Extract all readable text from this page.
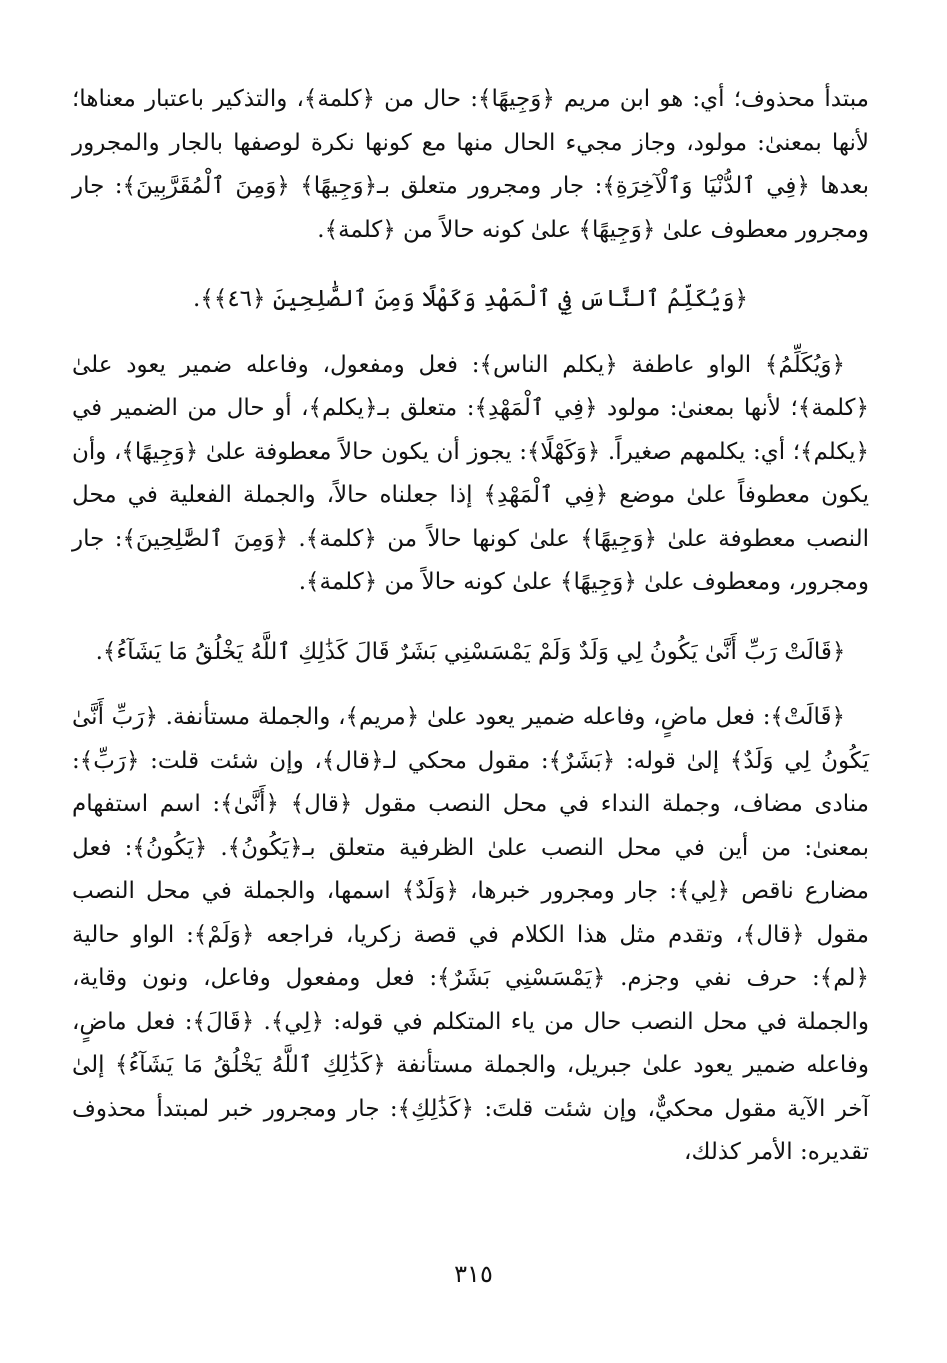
مبتدأ محذوف؛ أي: هو ابن مريم ﴿وَجِيهًا﴾: حال من ﴿كلمة﴾، والتذكير باعتبار معناها؛ لأنها بمعنىٰ: مولود، وجاز مجيء الحال منها مع كونها نكرة لوصفها بالجار والمجرور بعدها ﴿فِي ٱلدُّنْيَا وَٱلْآخِرَةِ﴾: جار ومجرور متعلق بـ﴿وَجِيهًا﴾ ﴿وَمِنَ ٱلْمُقَرَّبِينَ﴾: جار ومجرور معطوف علىٰ ﴿وَجِيهًا﴾ علىٰ كونه حالاً من ﴿كلمة﴾.

﴿وَيُكَلِّمُ ٱلنَّاسَ فِي ٱلْمَهْدِ وَكَهْلًا وَمِنَ ٱلصَّٰلِحِينَ ﴿٤٦﴾﴾.

﴿وَيُكَلِّمُ﴾ الواو عاطفة ﴿يكلم الناس﴾: فعل ومفعول، وفاعله ضمير يعود علىٰ ﴿كلمة﴾؛ لأنها بمعنىٰ: مولود ﴿فِي ٱلْمَهْدِ﴾: متعلق بـ﴿يكلم﴾، أو حال من الضمير في ﴿يكلم﴾؛ أي: يكلمهم صغيراً. ﴿وَكَهْلًا﴾: يجوز أن يكون حالاً معطوفة علىٰ ﴿وَجِيهًا﴾، وأن يكون معطوفاً علىٰ موضع ﴿فِي ٱلْمَهْدِ﴾ إذا جعلناه حالاً، والجملة الفعلية في محل النصب معطوفة علىٰ ﴿وَجِيهًا﴾ علىٰ كونها حالاً من ﴿كلمة﴾. ﴿وَمِنَ ٱلصَّٰلِحِينَ﴾: جار ومجرور، ومعطوف علىٰ ﴿وَجِيهًا﴾ علىٰ كونه حالاً من ﴿كلمة﴾.

﴿قَالَتْ رَبِّ أَنَّىٰ يَكُونُ لِي وَلَدٌ وَلَمْ يَمْسَسْنِي بَشَرٌ قَالَ كَذَٰلِكِ ٱللَّهُ يَخْلُقُ مَا يَشَآءُ﴾.

﴿قَالَتْ﴾: فعل ماضٍ، وفاعله ضمير يعود علىٰ ﴿مريم﴾، والجملة مستأنفة. ﴿رَبِّ أَنَّىٰ يَكُونُ لِي وَلَدٌ﴾ إلىٰ قوله: ﴿بَشَرٌ﴾: مقول محكي لـ﴿قال﴾، وإن شئت قلت: ﴿رَبِّ﴾: منادى مضاف، وجملة النداء في محل النصب مقول ﴿قال﴾ ﴿أَنَّىٰ﴾: اسم استفهام بمعنىٰ: من أين في محل النصب علىٰ الظرفية متعلق بـ﴿يَكُونُ﴾. ﴿يَكُونُ﴾: فعل مضارع ناقص ﴿لِي﴾: جار ومجرور خبرها، ﴿وَلَدٌ﴾ اسمها، والجملة في محل النصب مقول ﴿قال﴾، وتقدم مثل هذا الكلام في قصة زكريا، فراجعه ﴿وَلَمْ﴾: الواو حالية ﴿لم﴾: حرف نفي وجزم. ﴿يَمْسَسْنِي بَشَرٌ﴾: فعل ومفعول وفاعل، ونون وقاية، والجملة في محل النصب حال من ياء المتكلم في قوله: ﴿لِي﴾. ﴿قَالَ﴾: فعل ماضٍ، وفاعله ضمير يعود علىٰ جبريل، والجملة مستأنفة ﴿كَذَٰلِكِ ٱللَّهُ يَخْلُقُ مَا يَشَآءُ﴾ إلىٰ آخر الآية مقول محكيٌّ، وإن شئت قلتَ: ﴿كَذَٰلِكِ﴾: جار ومجرور خبر لمبتدأ محذوف تقديره: الأمر كذلك،

٣١٥
